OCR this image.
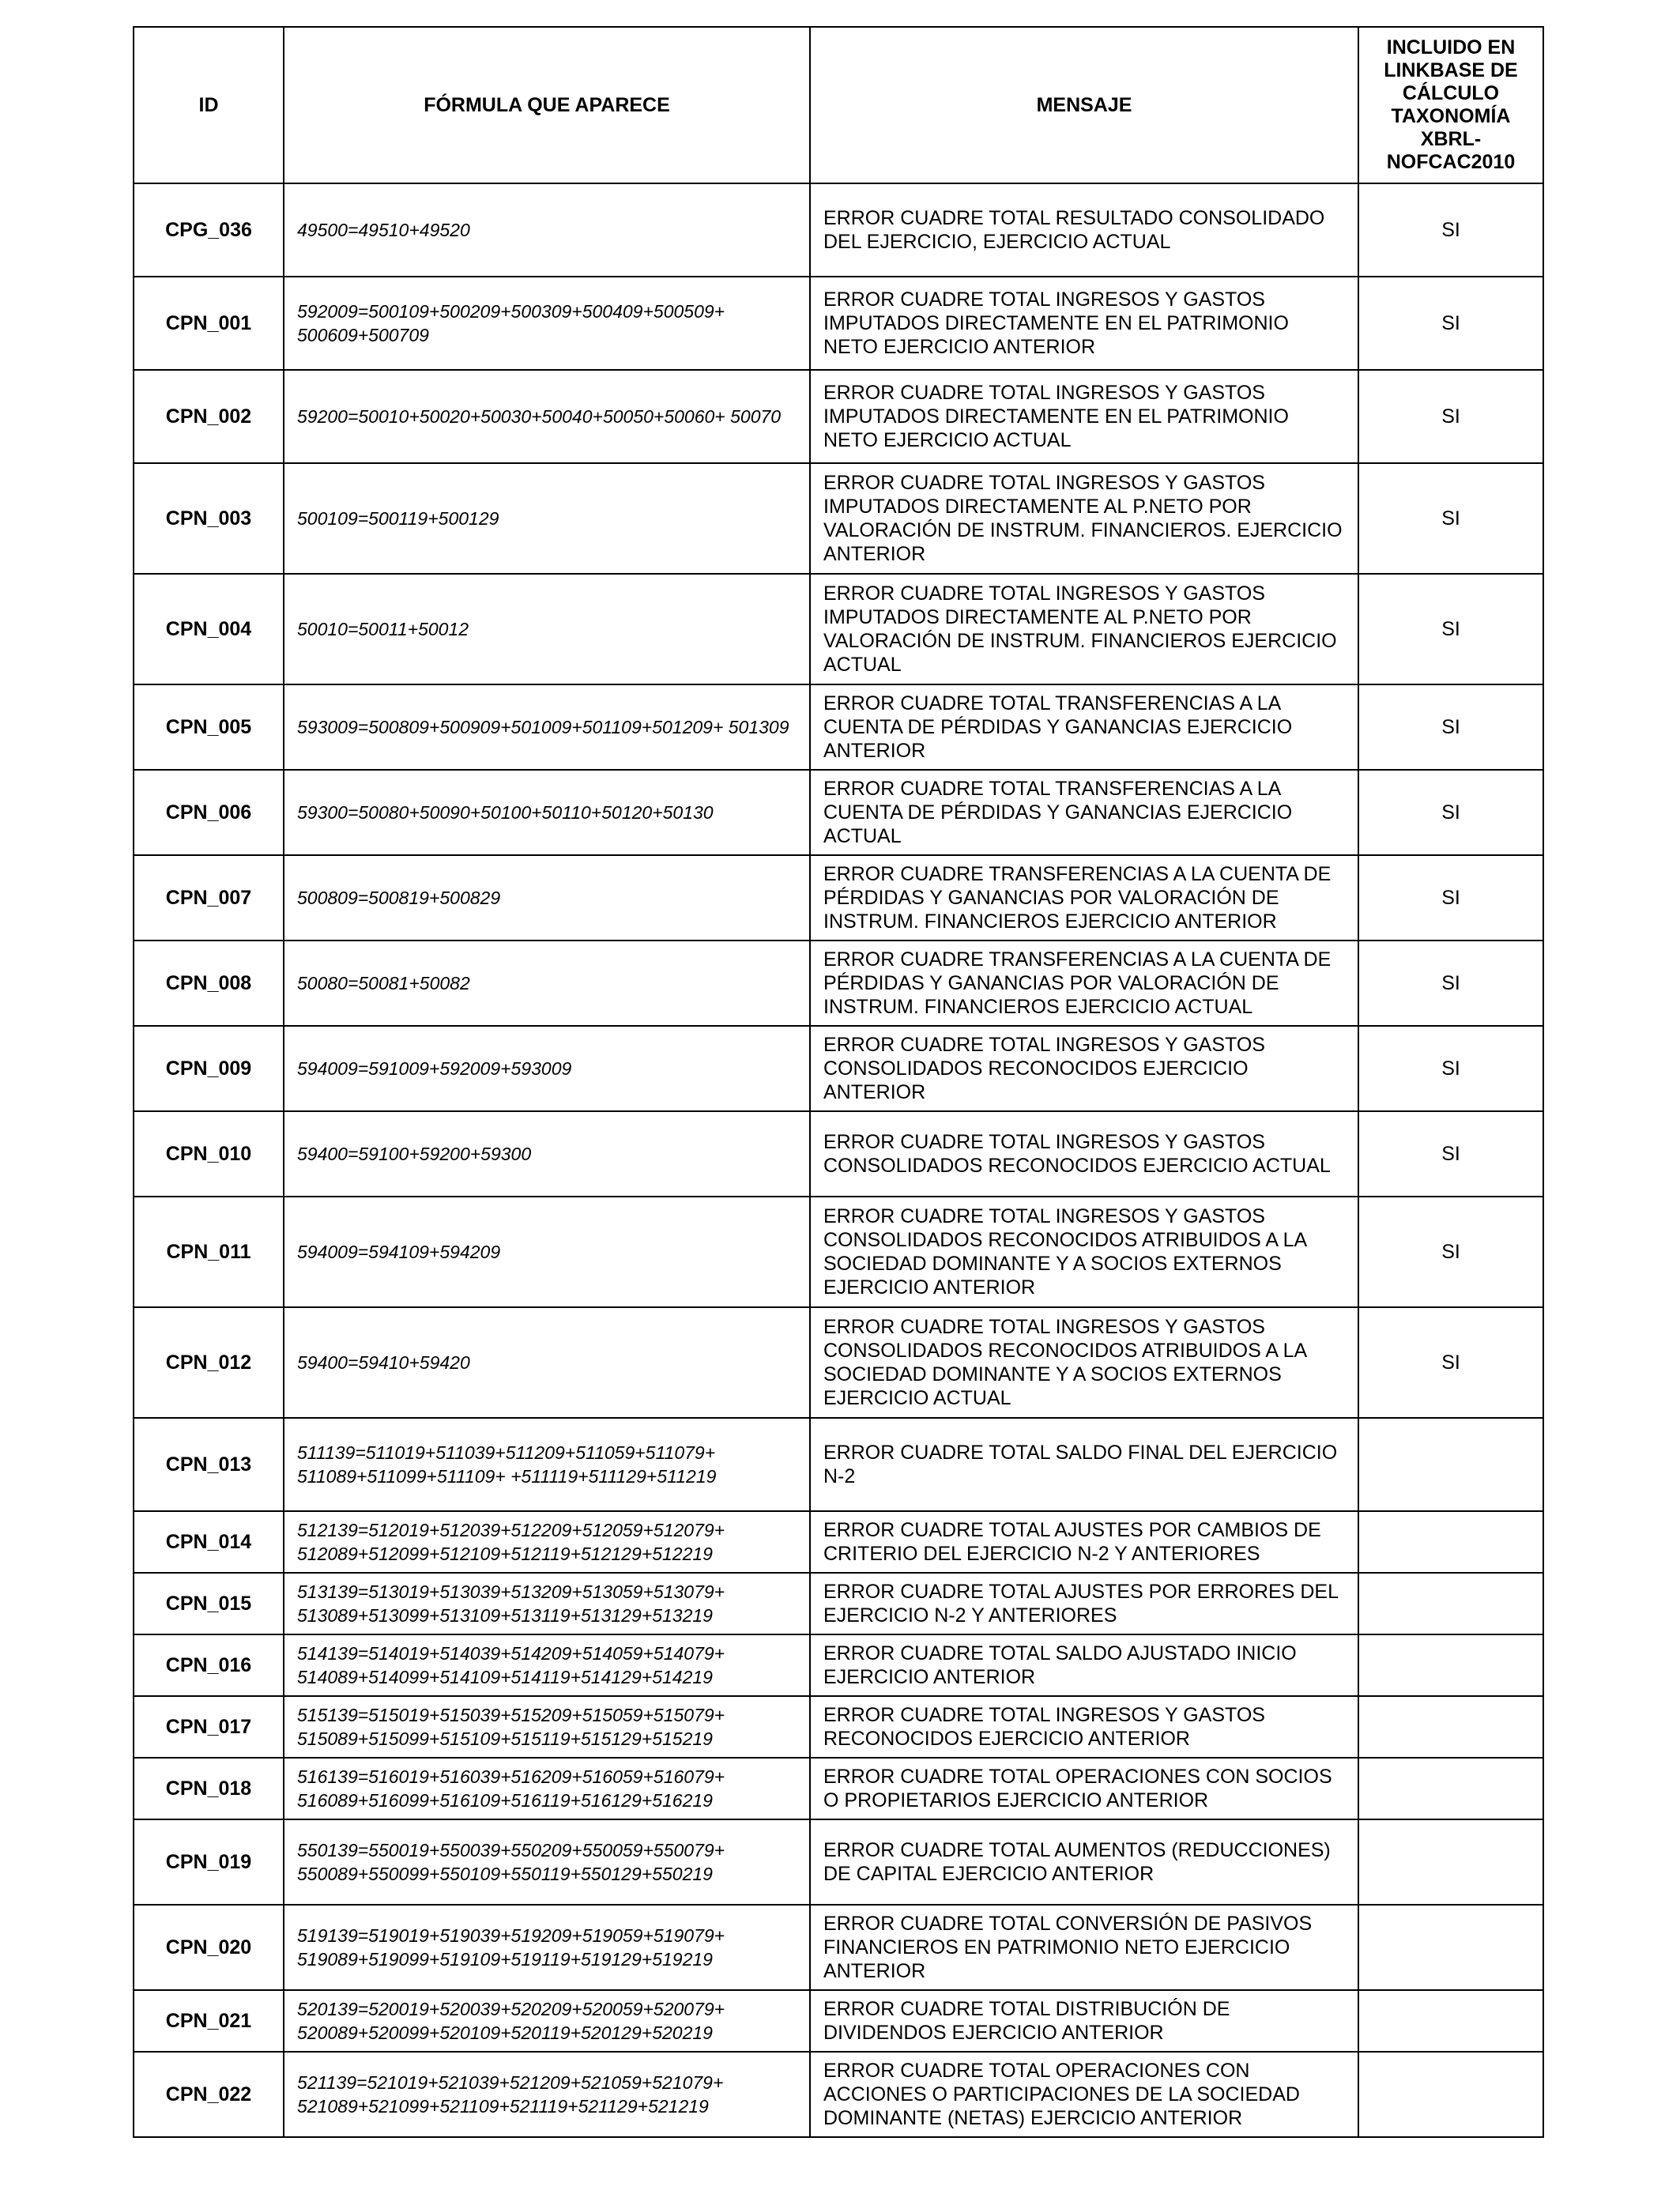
ID	FÓRMULA QUE APARECE	MENSAJE	INCLUIDO EN LINKBASE DE CÁLCULO TAXONOMÍA XBRL-NOFCAC2010
CPG_036	49500=49510+49520	ERROR CUADRE TOTAL RESULTADO CONSOLIDADO DEL EJERCICIO, EJERCICIO ACTUAL	SI
CPN_001	592009=500109+500209+500309+500409+500509+ 500609+500709	ERROR CUADRE TOTAL INGRESOS Y GASTOS IMPUTADOS DIRECTAMENTE EN EL PATRIMONIO NETO EJERCICIO ANTERIOR	SI
CPN_002	59200=50010+50020+50030+50040+50050+50060+ 50070	ERROR CUADRE TOTAL INGRESOS Y GASTOS IMPUTADOS DIRECTAMENTE EN EL PATRIMONIO NETO EJERCICIO ACTUAL	SI
CPN_003	500109=500119+500129	ERROR CUADRE TOTAL INGRESOS Y GASTOS IMPUTADOS DIRECTAMENTE AL P.NETO POR VALORACIÓN DE INSTRUM. FINANCIEROS. EJERCICIO ANTERIOR	SI
CPN_004	50010=50011+50012	ERROR CUADRE TOTAL INGRESOS Y GASTOS IMPUTADOS DIRECTAMENTE AL P.NETO POR VALORACIÓN DE INSTRUM. FINANCIEROS EJERCICIO ACTUAL	SI
CPN_005	593009=500809+500909+501009+501109+501209+ 501309	ERROR CUADRE TOTAL TRANSFERENCIAS A LA CUENTA DE PÉRDIDAS Y GANANCIAS EJERCICIO ANTERIOR	SI
CPN_006	59300=50080+50090+50100+50110+50120+50130	ERROR CUADRE TOTAL TRANSFERENCIAS A LA CUENTA DE PÉRDIDAS Y GANANCIAS EJERCICIO ACTUAL	SI
CPN_007	500809=500819+500829	ERROR CUADRE TRANSFERENCIAS A LA CUENTA DE PÉRDIDAS Y GANANCIAS POR VALORACIÓN DE INSTRUM. FINANCIEROS EJERCICIO ANTERIOR	SI
CPN_008	50080=50081+50082	ERROR CUADRE TRANSFERENCIAS A LA CUENTA DE PÉRDIDAS Y GANANCIAS POR VALORACIÓN DE INSTRUM. FINANCIEROS EJERCICIO ACTUAL	SI
CPN_009	594009=591009+592009+593009	ERROR CUADRE TOTAL INGRESOS Y GASTOS CONSOLIDADOS RECONOCIDOS EJERCICIO ANTERIOR	SI
CPN_010	59400=59100+59200+59300	ERROR CUADRE TOTAL INGRESOS Y GASTOS CONSOLIDADOS RECONOCIDOS EJERCICIO ACTUAL	SI
CPN_011	594009=594109+594209	ERROR CUADRE TOTAL INGRESOS Y GASTOS CONSOLIDADOS RECONOCIDOS ATRIBUIDOS A LA SOCIEDAD DOMINANTE Y A SOCIOS EXTERNOS EJERCICIO ANTERIOR	SI
CPN_012	59400=59410+59420	ERROR CUADRE TOTAL INGRESOS Y GASTOS CONSOLIDADOS RECONOCIDOS ATRIBUIDOS A LA SOCIEDAD DOMINANTE Y A SOCIOS EXTERNOS EJERCICIO ACTUAL	SI
CPN_013	511139=511019+511039+511209+511059+511079+ 511089+511099+511109+ +511119+511129+511219	ERROR CUADRE TOTAL SALDO FINAL DEL EJERCICIO N-2	
CPN_014	512139=512019+512039+512209+512059+512079+ 512089+512099+512109+512119+512129+512219	ERROR CUADRE TOTAL AJUSTES POR CAMBIOS DE CRITERIO DEL EJERCICIO N-2 Y ANTERIORES	
CPN_015	513139=513019+513039+513209+513059+513079+ 513089+513099+513109+513119+513129+513219	ERROR CUADRE TOTAL AJUSTES POR ERRORES DEL EJERCICIO N-2 Y ANTERIORES	
CPN_016	514139=514019+514039+514209+514059+514079+ 514089+514099+514109+514119+514129+514219	ERROR CUADRE TOTAL SALDO AJUSTADO INICIO EJERCICIO ANTERIOR	
CPN_017	515139=515019+515039+515209+515059+515079+ 515089+515099+515109+515119+515129+515219	ERROR CUADRE TOTAL INGRESOS Y GASTOS RECONOCIDOS EJERCICIO ANTERIOR	
CPN_018	516139=516019+516039+516209+516059+516079+ 516089+516099+516109+516119+516129+516219	ERROR CUADRE TOTAL OPERACIONES CON SOCIOS O PROPIETARIOS EJERCICIO ANTERIOR	
CPN_019	550139=550019+550039+550209+550059+550079+ 550089+550099+550109+550119+550129+550219	ERROR CUADRE TOTAL AUMENTOS (REDUCCIONES) DE CAPITAL EJERCICIO ANTERIOR	
CPN_020	519139=519019+519039+519209+519059+519079+ 519089+519099+519109+519119+519129+519219	ERROR CUADRE TOTAL CONVERSIÓN DE PASIVOS FINANCIEROS EN PATRIMONIO NETO EJERCICIO ANTERIOR	
CPN_021	520139=520019+520039+520209+520059+520079+ 520089+520099+520109+520119+520129+520219	ERROR CUADRE TOTAL DISTRIBUCIÓN DE DIVIDENDOS EJERCICIO ANTERIOR	
CPN_022	521139=521019+521039+521209+521059+521079+ 521089+521099+521109+521119+521129+521219	ERROR CUADRE TOTAL OPERACIONES CON ACCIONES O PARTICIPACIONES DE LA SOCIEDAD DOMINANTE (NETAS) EJERCICIO ANTERIOR	
